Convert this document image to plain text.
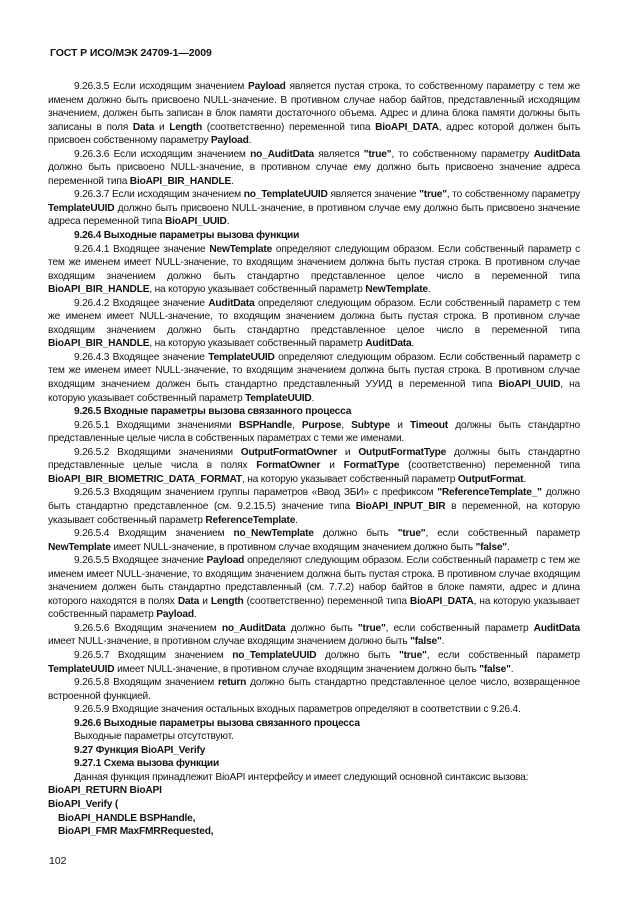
ГОСТ Р ИСО/МЭК 24709-1—2009

9.26.3.5 Если исходящим значением Payload является пустая строка, то собственному параметру с тем же именем должно быть присвоено NULL-значение. В противном случае набор байтов, представленный исходящим значением, должен быть записан в блок памяти достаточного объема. Адрес и длина блока памяти должны быть записаны в поля Data и Length (соответственно) переменной типа BioAPI_DATA, адрес которой должен быть присвоен собственному параметру Payload.

9.26.3.6 Если исходящим значением no_AuditData является "true", то собственному параметру AuditData должно быть присвоено NULL-значение, в противном случае ему должно быть присвоено значение адреса переменной типа BioAPI_BIR_HANDLE.

9.26.3.7 Если исходящим значением no_TemplateUUID является значение "true", то собственному параметру TemplateUUID должно быть присвоено NULL-значение, в противном случае ему должно быть присвоено значение адреса переменной типа BioAPI_UUID.

9.26.4 Выходные параметры вызова функции

9.26.4.1 Входящее значение NewTemplate определяют следующим образом. Если собственный параметр с тем же именем имеет NULL-значение, то входящим значением должна быть пустая строка. В противном случае входящим значением должно быть стандартно представленное целое число в переменной типа BioAPI_BIR_HANDLE, на которую указывает собственный параметр NewTemplate.

9.26.4.2 Входящее значение AuditData определяют следующим образом. Если собственный параметр с тем же именем имеет NULL-значение, то входящим значением должна быть пустая строка. В противном случае входящим значением должно быть стандартно представленное целое число в переменной типа BioAPI_BIR_HANDLE, на которую указывает собственный параметр AuditData.

9.26.4.3 Входящее значение TemplateUUID определяют следующим образом. Если собственный параметр с тем же именем имеет NULL-значение, то входящим значением должна быть пустая строка. В противном случае входящим значением должен быть стандартно представленный УУИД в переменной типа BioAPI_UUID, на которую указывает собственный параметр TemplateUUID.

9.26.5 Входные параметры вызова связанного процесса

9.26.5.1 Входящими значениями BSPHandle, Purpose, Subtype и Timeout должны быть стандартно представленные целые числа в собственных параметрах с теми же именами.

9.26.5.2 Входящими значениями OutputFormatOwner и OutputFormatType должны быть стандартно представленные целые числа в полях FormatOwner и FormatType (соответственно) переменной типа BioAPI_BIR_BIOMETRIC_DATA_FORMAT, на которую указывает собственный параметр OutputFormat.

9.26.5.3 Входящим значением группы параметров «Ввод ЗБИ» с префиксом "ReferenceTemplate_" должно быть стандартно представленное (см. 9.2.15.5) значение типа BioAPI_INPUT_BIR в переменной, на которую указывает собственный параметр ReferenceTemplate.

9.26.5.4 Входящим значением no_NewTemplate должно быть "true", если собственный параметр NewTemplate имеет NULL-значение, в противном случае входящим значением должно быть "false".

9.26.5.5 Входящее значение Payload определяют следующим образом. Если собственный параметр с тем же именем имеет NULL-значение, то входящим значением должна быть пустая строка. В противном случае входящим значением должен быть стандартно представленный (см. 7.7.2) набор байтов в блоке памяти, адрес и длина которого находятся в полях Data и Length (соответственно) переменной типа BioAPI_DATA, на которую указывает собственный параметр Payload.

9.26.5.6 Входящим значением no_AuditData должно быть "true", если собственный параметр AuditData имеет NULL-значение, в противном случае входящим значением должно быть "false".

9.26.5.7 Входящим значением no_TemplateUUID должно быть "true", если собственный параметр TemplateUUID имеет NULL-значение, в противном случае входящим значением должно быть "false".

9.26.5.8 Входящим значением return должно быть стандартно представленное целое число, возвращенное встроенной функцией.

9.26.5.9 Входящие значения остальных входных параметров определяют в соответствии с 9.26.4.

9.26.6 Выходные параметры вызова связанного процесса

Выходные параметры отсутствуют.

9.27 Функция BioAPI_Verify

9.27.1 Схема вызова функции

Данная функция принадлежит BioAPI интерфейсу и имеет следующий основной синтаксис вызова:

BioAPI_RETURN BioAPI

BioAPI_Verify (

BioAPI_HANDLE BSPHandle,

BioAPI_FMR MaxFMRRequested,

102
